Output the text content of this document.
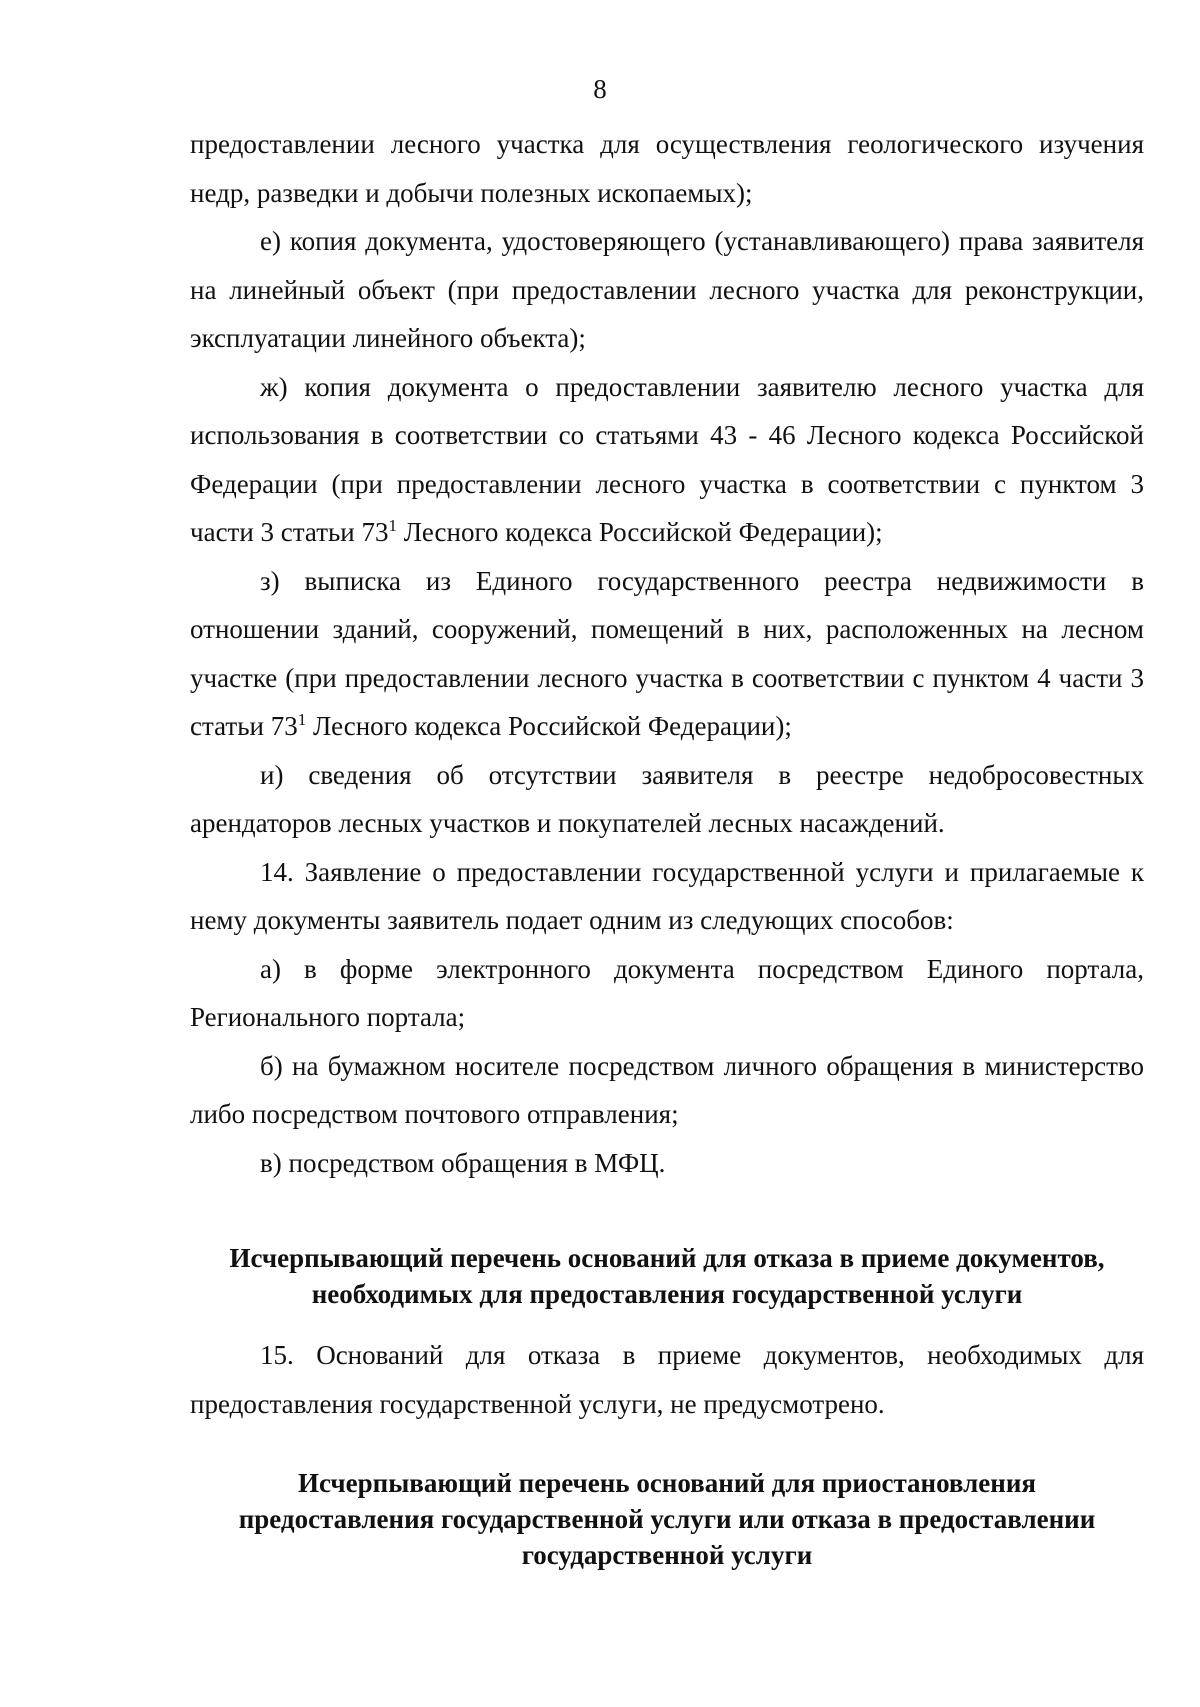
8

предоставлении лесного участка для осуществления геологического изучения недр, разведки и добычи полезных ископаемых);

е) копия документа, удостоверяющего (устанавливающего) права заявителя на линейный объект (при предоставлении лесного участка для реконструкции, эксплуатации линейного объекта);

ж) копия документа о предоставлении заявителю лесного участка для использования в соответствии со статьями 43 - 46 Лесного кодекса Российской Федерации (при предоставлении лесного участка в соответствии с пунктом 3 части 3 статьи $73^1$ Лесного кодекса Российской Федерации);

з) выписка из Единого государственного реестра недвижимости в отношении зданий, сооружений, помещений в них, расположенных на лесном участке (при предоставлении лесного участка в соответствии с пунктом 4 части 3 статьи $73^1$ Лесного кодекса Российской Федерации);

и) сведения об отсутствии заявителя в реестре недобросовестных арендаторов лесных участков и покупателей лесных насаждений.

14. Заявление о предоставлении государственной услуги и прилагаемые к нему документы заявитель подает одним из следующих способов:

а) в форме электронного документа посредством Единого портала, Регионального портала;

б) на бумажном носителе посредством личного обращения в министерство либо посредством почтового отправления;

в) посредством обращения в МФЦ.

Исчерпывающий перечень оснований для отказа в приеме документов,

необходимых для предоставления государственной услуги

15. Оснований для отказа в приеме документов, необходимых для предоставления государственной услуги, не предусмотрено.

Исчерпывающий перечень оснований для приостановления

предоставления государственной услуги или отказа в предоставлении

государственной услуги
